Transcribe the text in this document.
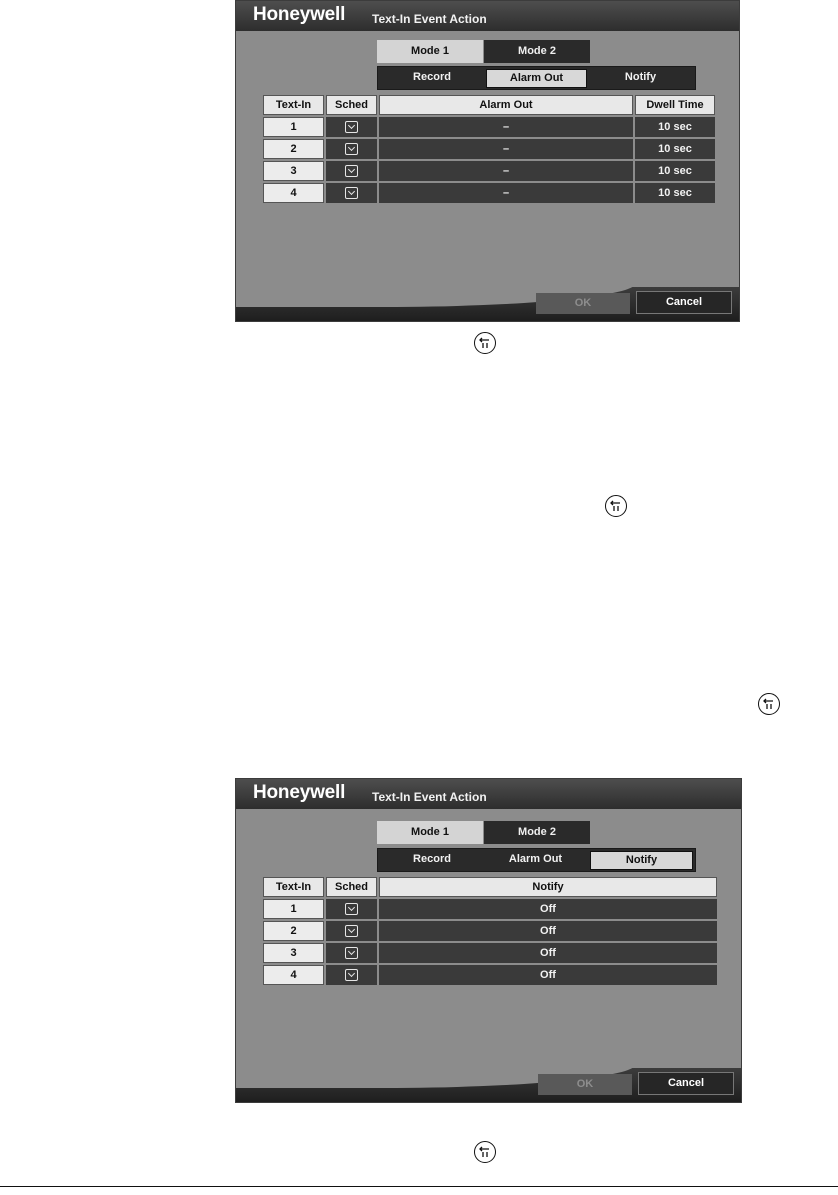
Honeywell Text-In Event Action
Mode 1	Mode 2
Record	Alarm Out	Notify
Text-In	Sched	Alarm Out	Dwell Time
1		–	10 sec
2		–	10 sec
3		–	10 sec
4		–	10 sec
OK	Cancel
Honeywell Text-In Event Action
Mode 1	Mode 2
Record	Alarm Out	Notify
Text-In	Sched	Notify
1		Off
2		Off
3		Off
4		Off
OK	Cancel
